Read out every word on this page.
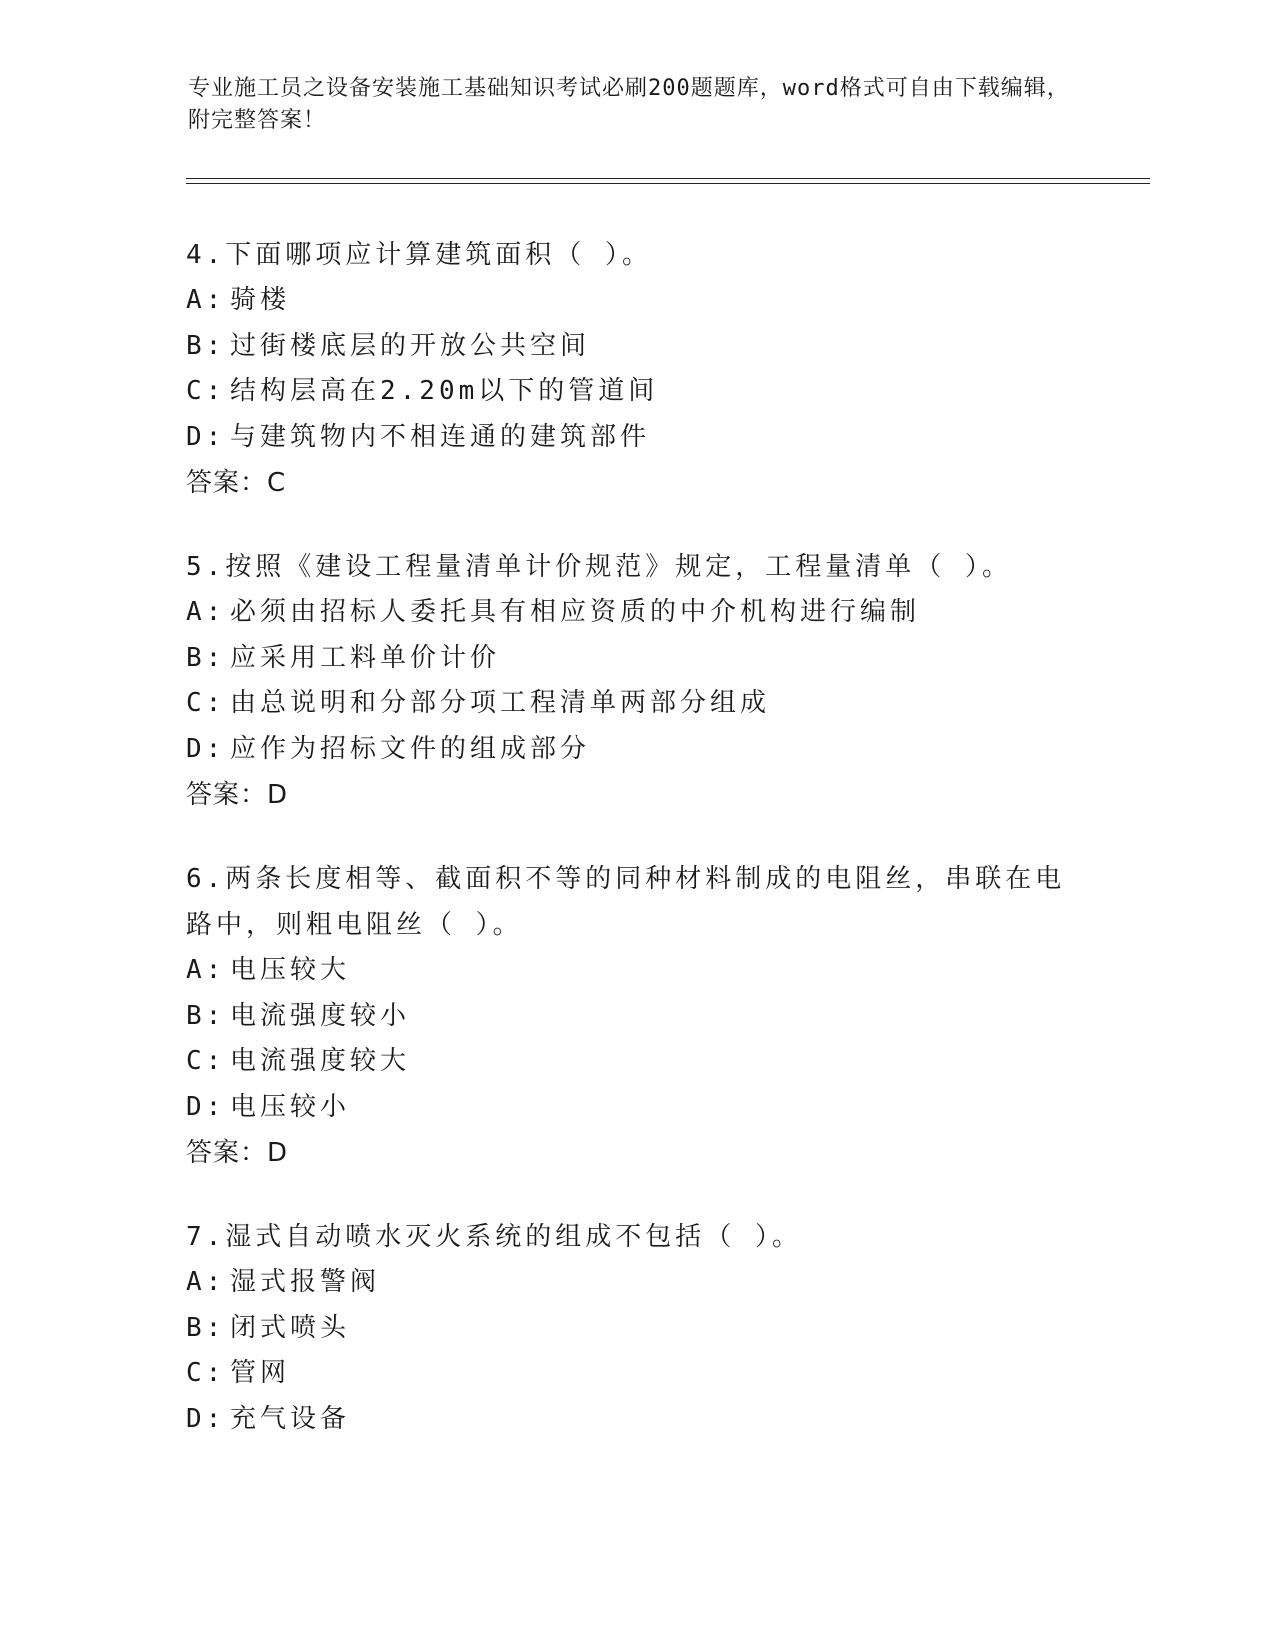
专业施工员之设备安装施工基础知识考试必刷200题题库，word格式可自由下载编辑，附完整答案！

4.下面哪项应计算建筑面积（ ）。

A: 骑楼

B: 过街楼底层的开放公共空间

C: 结构层高在2.20m以下的管道间

D: 与建筑物内不相连通的建筑部件

答案：C

5.按照《建设工程量清单计价规范》规定，工程量清单（ ）。

A: 必须由招标人委托具有相应资质的中介机构进行编制

B: 应采用工料单价计价

C: 由总说明和分部分项工程清单两部分组成

D: 应作为招标文件的组成部分

答案：D

6.两条长度相等、截面积不等的同种材料制成的电阻丝，串联在电路中，则粗电阻丝（ ）。

A: 电压较大

B: 电流强度较小

C: 电流强度较大

D: 电压较小

答案：D

7.湿式自动喷水灭火系统的组成不包括（ ）。

A: 湿式报警阀

B: 闭式喷头

C: 管网

D: 充气设备
